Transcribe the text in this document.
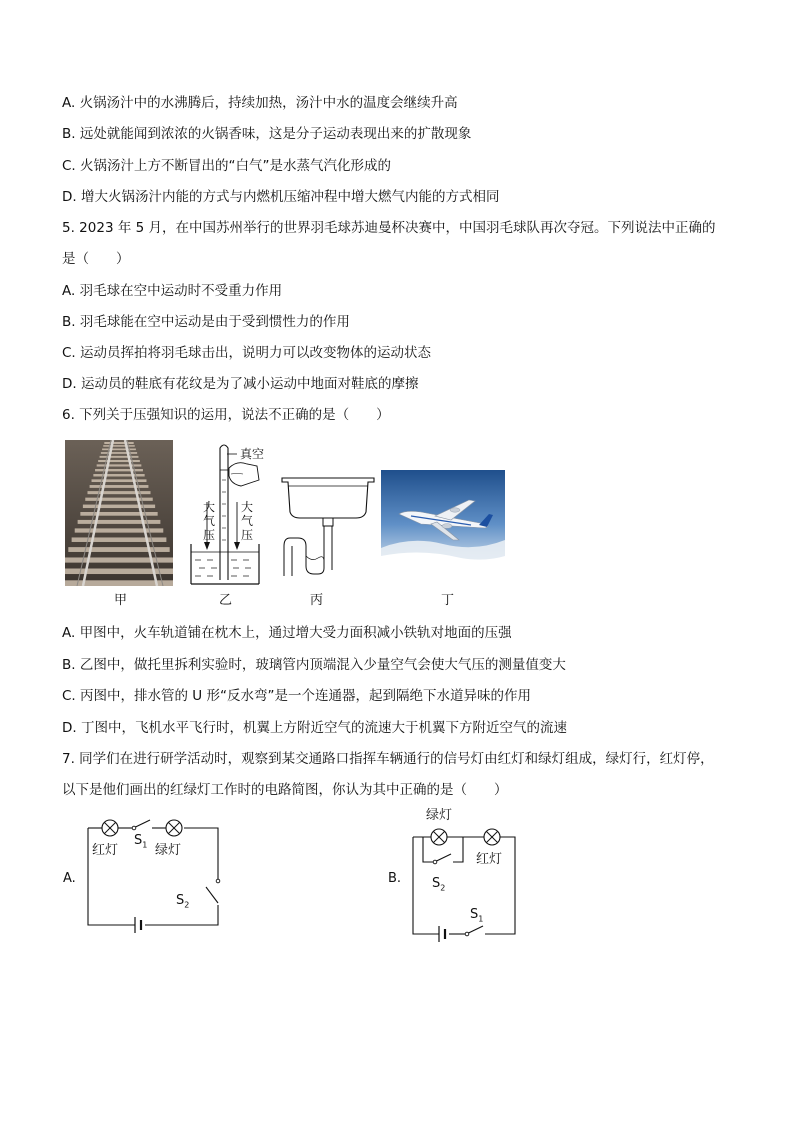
A. 火锅汤汁中的水沸腾后，持续加热，汤汁中水的温度会继续升高
B. 远处就能闻到浓浓的火锅香味，这是分子运动表现出来的扩散现象
C. 火锅汤汁上方不断冒出的“白气”是水蒸气汽化形成的
D. 增大火锅汤汁内能的方式与内燃机压缩冲程中增大燃气内能的方式相同
5. 2023 年 5 月，在中国苏州举行的世界羽毛球苏迪曼杯决赛中，中国羽毛球队再次夺冠。下列说法中正确的
是（　　）
A. 羽毛球在空中运动时不受重力作用
B. 羽毛球能在空中运动是由于受到惯性力的作用
C. 运动员挥拍将羽毛球击出，说明力可以改变物体的运动状态
D. 运动员的鞋底有花纹是为了减小运动中地面对鞋底的摩擦
6. 下列关于压强知识的运用，说法不正确的是（　　）
真空
大
气
压
大
气
压
甲	乙	丙	丁
A. 甲图中，火车轨道铺在枕木上，通过增大受力面积减小铁轨对地面的压强
B. 乙图中，做托里拆利实验时，玻璃管内顶端混入少量空气会使大气压的测量值变大
C. 丙图中，排水管的 U 形“反水弯”是一个连通器，起到隔绝下水道异味的作用
D. 丁图中，飞机水平飞行时，机翼上方附近空气的流速大于机翼下方附近空气的流速
7. 同学们在进行研学活动时，观察到某交通路口指挥车辆通行的信号灯由红灯和绿灯组成，绿灯行，红灯停，
以下是他们画出的红绿灯工作时的电路简图，你认为其中正确的是（　　）
红灯	绿灯
$S_1$
$S_2$
A.
绿灯
红灯
$S_2$
$S_1$
B.
